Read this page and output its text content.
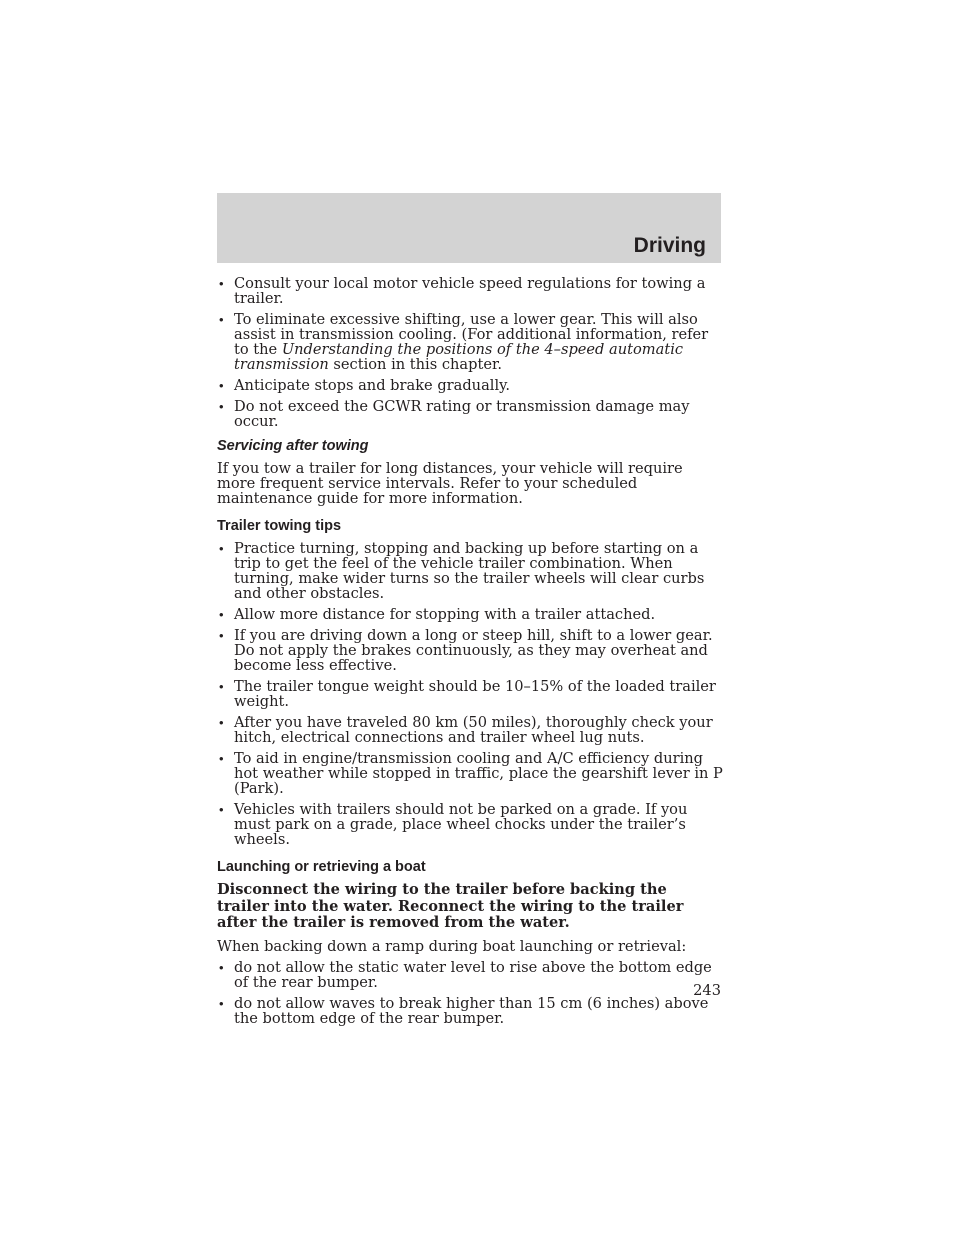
Driving
• Consult your local motor vehicle speed regulations for towing a trailer.
• To eliminate excessive shifting, use a lower gear. This will also assist in transmission cooling. (For additional information, refer to the Understanding the positions of the 4–speed automatic transmission section in this chapter.
• Anticipate stops and brake gradually.
• Do not exceed the GCWR rating or transmission damage may occur.
Servicing after towing

If you tow a trailer for long distances, your vehicle will require more frequent service intervals. Refer to your scheduled maintenance guide for more information.

Trailer towing tips
• Practice turning, stopping and backing up before starting on a trip to get the feel of the vehicle trailer combination. When turning, make wider turns so the trailer wheels will clear curbs and other obstacles.
• Allow more distance for stopping with a trailer attached.
• If you are driving down a long or steep hill, shift to a lower gear. Do not apply the brakes continuously, as they may overheat and become less effective.
• The trailer tongue weight should be 10–15% of the loaded trailer weight.
• After you have traveled 80 km (50 miles), thoroughly check your hitch, electrical connections and trailer wheel lug nuts.
• To aid in engine/transmission cooling and A/C efficiency during hot weather while stopped in traffic, place the gearshift lever in P (Park).
• Vehicles with trailers should not be parked on a grade. If you must park on a grade, place wheel chocks under the trailer’s wheels.
Launching or retrieving a boat

Disconnect the wiring to the trailer before backing the trailer into the water. Reconnect the wiring to the trailer after the trailer is removed from the water.

When backing down a ramp during boat launching or retrieval:

• do not allow the static water level to rise above the bottom edge of the rear bumper.
• do not allow waves to break higher than 15 cm (6 inches) above the bottom edge of the rear bumper.
243
